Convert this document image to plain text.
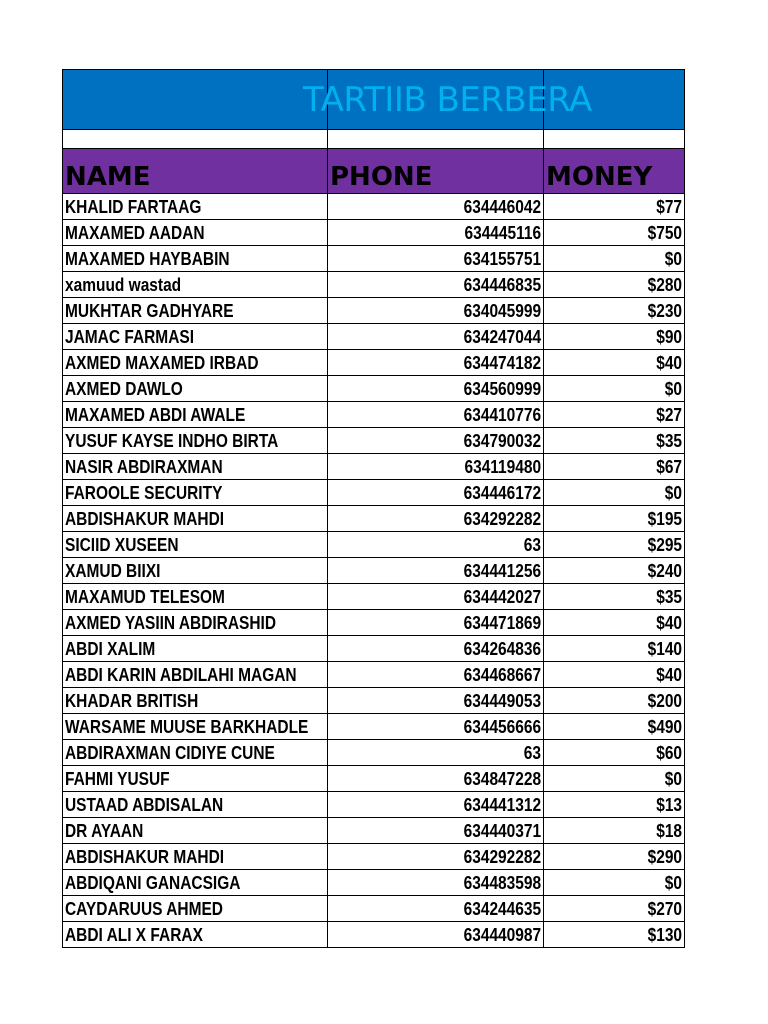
TARTIIB BERBERA		

NAME	PHONE	MONEY
KHALID FARTAAG	634446042	$77
MAXAMED AADAN	634445116	$750
MAXAMED HAYBABIN	634155751	$0
xamuud wastad	634446835	$280
MUKHTAR GADHYARE	634045999	$230
JAMAC FARMASI	634247044	$90
AXMED MAXAMED IRBAD	634474182	$40
AXMED DAWLO	634560999	$0
MAXAMED ABDI AWALE	634410776	$27
YUSUF KAYSE INDHO BIRTA	634790032	$35
NASIR ABDIRAXMAN	634119480	$67
FAROOLE SECURITY	634446172	$0
ABDISHAKUR MAHDI	634292282	$195
SICIID XUSEEN	63	$295
XAMUD BIIXI	634441256	$240
MAXAMUD TELESOM	634442027	$35
AXMED YASIIN ABDIRASHID	634471869	$40
ABDI XALIM	634264836	$140
ABDI KARIN ABDILAHI MAGAN	634468667	$40
KHADAR BRITISH	634449053	$200
WARSAME MUUSE BARKHADLE	634456666	$490
ABDIRAXMAN CIDIYE CUNE	63	$60
FAHMI YUSUF	634847228	$0
USTAAD ABDISALAN	634441312	$13
DR AYAAN	634440371	$18
ABDISHAKUR MAHDI	634292282	$290
ABDIQANI GANACSIGA	634483598	$0
CAYDARUUS AHMED	634244635	$270
ABDI ALI X FARAX	634440987	$130
